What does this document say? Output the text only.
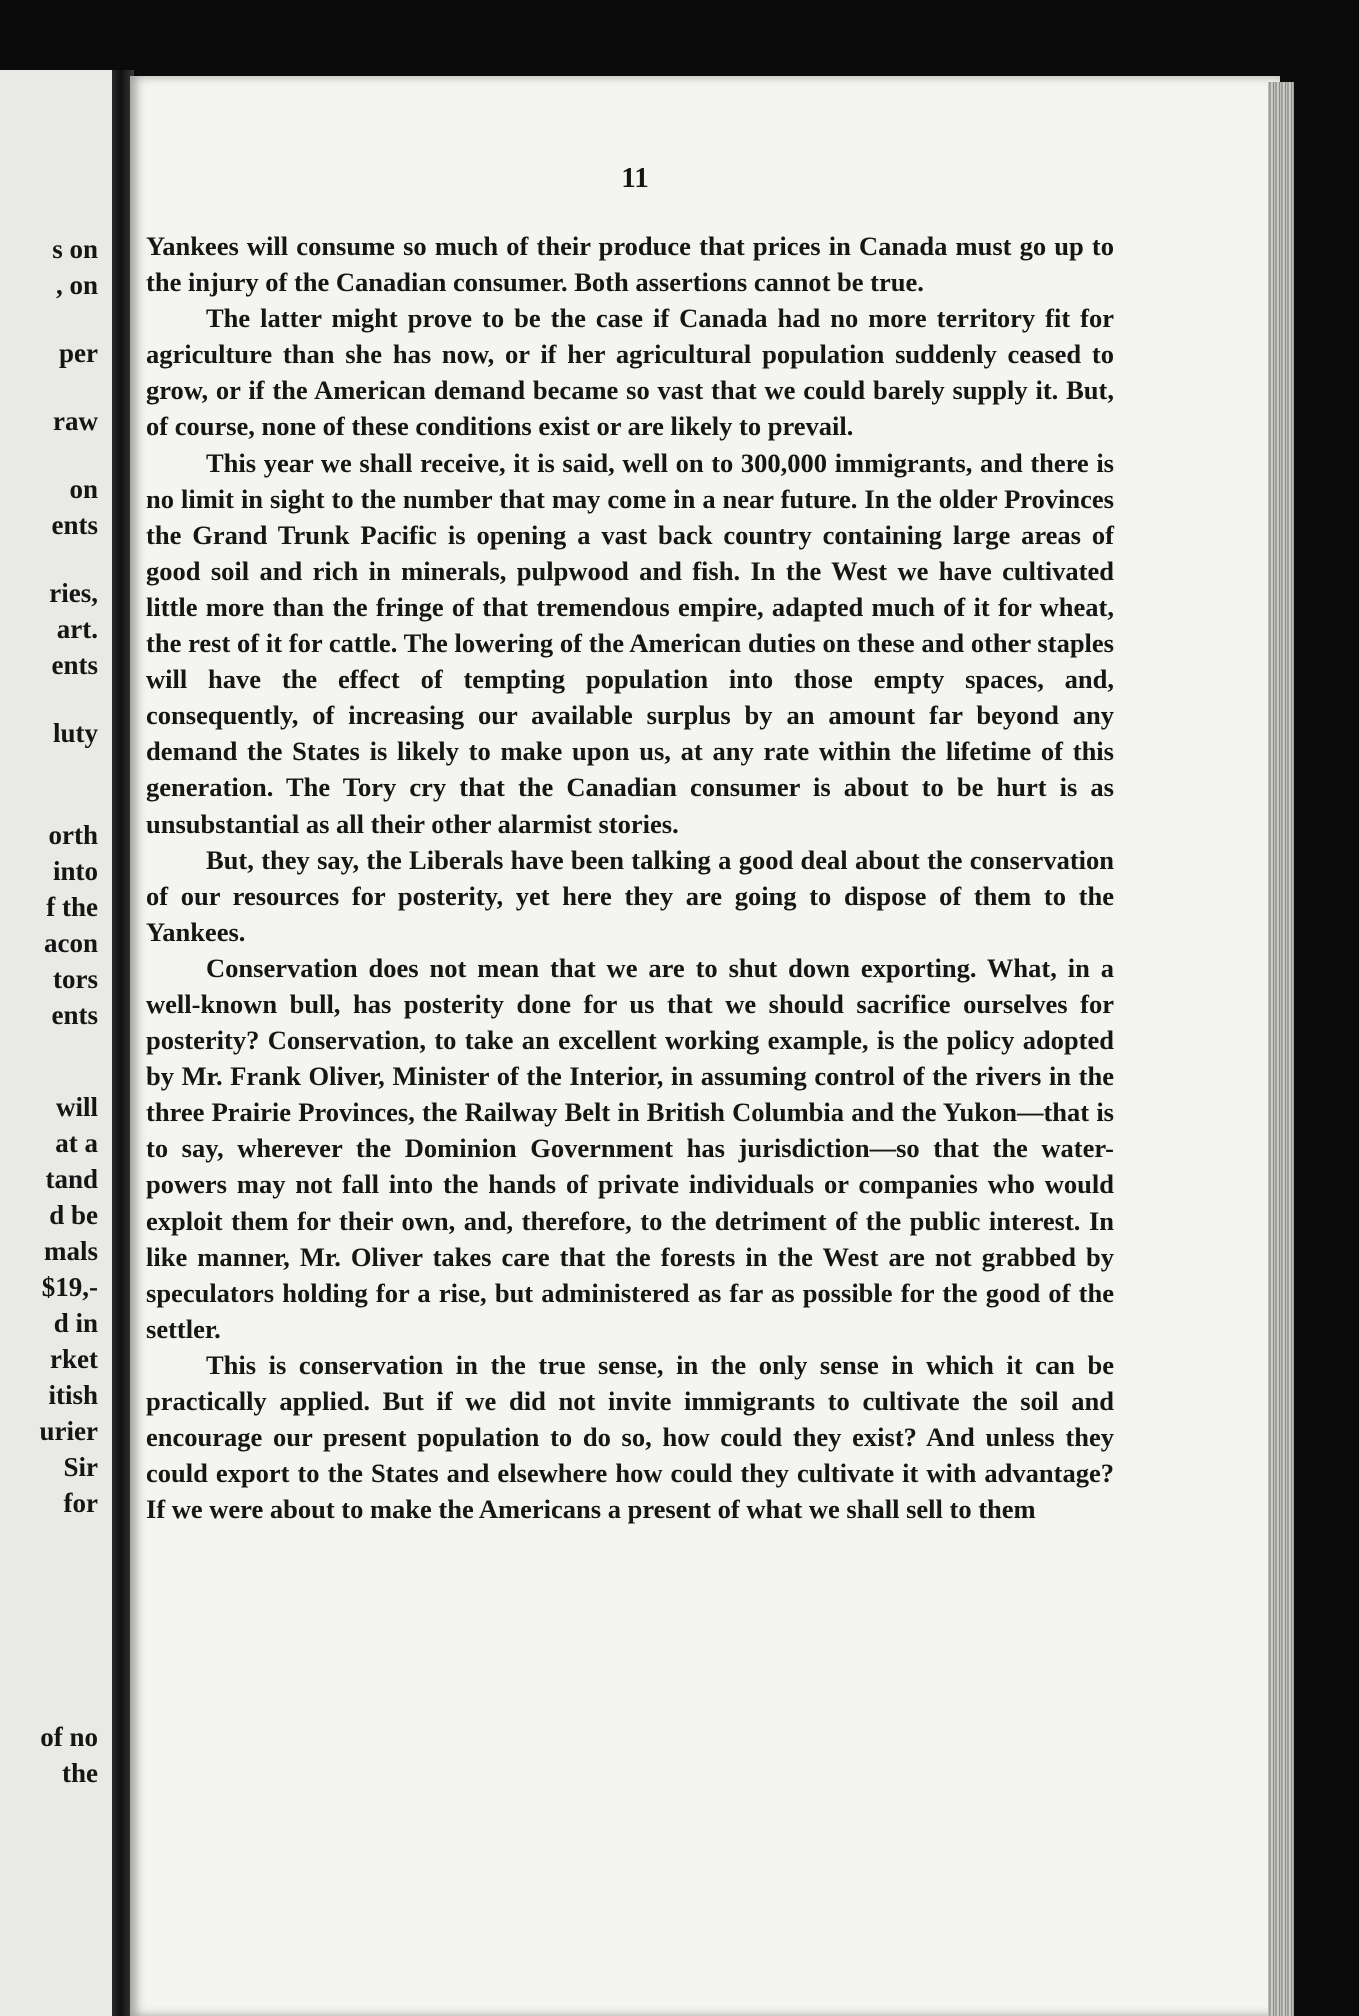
s on
, on
per
raw
on
ents
ries,
art.
ents
luty
orth
into
f the
acon
tors
ents
will
at a
tand
d be
mals
$19,-
d in
rket
itish
urier
Sir
for
of no
the
11

Yankees will consume so much of their produce that prices in Canada must go up to the injury of the Canadian consumer. Both assertions cannot be true.

The latter might prove to be the case if Canada had no more territory fit for agriculture than she has now, or if her agricultural population suddenly ceased to grow, or if the American demand became so vast that we could barely supply it. But, of course, none of these conditions exist or are likely to prevail.

This year we shall receive, it is said, well on to 300,000 immigrants, and there is no limit in sight to the number that may come in a near future. In the older Provinces the Grand Trunk Pacific is opening a vast back country containing large areas of good soil and rich in minerals, pulpwood and fish. In the West we have cultivated little more than the fringe of that tremendous empire, adapted much of it for wheat, the rest of it for cattle. The lowering of the American duties on these and other staples will have the effect of tempting population into those empty spaces, and, consequently, of increasing our available surplus by an amount far beyond any demand the States is likely to make upon us, at any rate within the lifetime of this generation. The Tory cry that the Canadian consumer is about to be hurt is as unsubstantial as all their other alarmist stories.

But, they say, the Liberals have been talking a good deal about the conservation of our resources for posterity, yet here they are going to dispose of them to the Yankees.

Conservation does not mean that we are to shut down exporting. What, in a well-known bull, has posterity done for us that we should sacrifice ourselves for posterity? Conservation, to take an excellent working example, is the policy adopted by Mr. Frank Oliver, Minister of the Interior, in assuming control of the rivers in the three Prairie Provinces, the Railway Belt in British Columbia and the Yukon—that is to say, wherever the Dominion Government has jurisdiction—so that the water-powers may not fall into the hands of private individuals or companies who would exploit them for their own, and, therefore, to the detriment of the public interest. In like manner, Mr. Oliver takes care that the forests in the West are not grabbed by speculators holding for a rise, but administered as far as possible for the good of the settler.

This is conservation in the true sense, in the only sense in which it can be practically applied. But if we did not invite immigrants to cultivate the soil and encourage our present population to do so, how could they exist? And unless they could export to the States and elsewhere how could they cultivate it with advantage? If we were about to make the Americans a present of what we shall sell to them
